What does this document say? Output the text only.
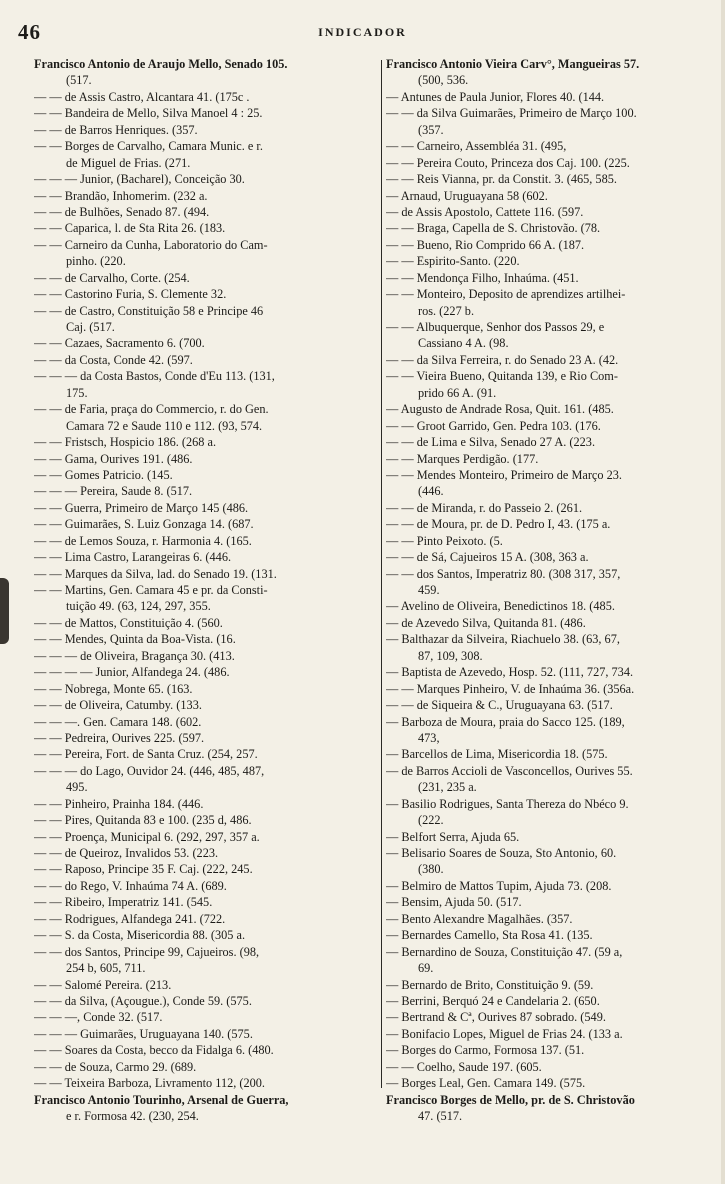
46	INDICADOR
Francisco Antonio de Araujo Mello, Senado 105.
(517.
— — de Assis Castro, Alcantara 41. (175c .
— — Bandeira de Mello, Silva Manoel 4 : 25.
— — de Barros Henriques. (357.
— — Borges de Carvalho, Camara Munic. e r.
de Miguel de Frias. (271.
— — — Junior, (Bacharel), Conceição 30.
— — Brandão, Inhomerim. (232 a.
— — de Bulhões, Senado 87. (494.
— — Caparica, l. de Sta Rita 26. (183.
— — Carneiro da Cunha, Laboratorio do Cam-
pinho. (220.
— — de Carvalho, Corte. (254.
— — Castorino Furia, S. Clemente 32.
— — de Castro, Constituição 58 e Principe 46
Caj. (517.
— — Cazaes, Sacramento 6. (700.
— — da Costa, Conde 42. (597.
— — — da Costa Bastos, Conde d'Eu 113. (131,
175.
— — de Faria, praça do Commercio, r. do Gen.
Camara 72 e Saude 110 e 112. (93, 574.
— — Fristsch, Hospicio 186. (268 a.
— — Gama, Ourives 191. (486.
— — Gomes Patricio. (145.
— — — Pereira, Saude 8. (517.
— — Guerra, Primeiro de Março 145 (486.
— — Guimarães, S. Luiz Gonzaga 14. (687.
— — de Lemos Souza, r. Harmonia 4. (165.
— — Lima Castro, Larangeiras 6. (446.
— — Marques da Silva, lad. do Senado 19. (131.
— — Martins, Gen. Camara 45 e pr. da Consti-
tuição 49. (63, 124, 297, 355.
— — de Mattos, Constituição 4. (560.
— — Mendes, Quinta da Boa-Vista. (16.
— — — de Oliveira, Bragança 30. (413.
— — — — Junior, Alfandega 24. (486.
— — Nobrega, Monte 65. (163.
— — de Oliveira, Catumby. (133.
— — —. Gen. Camara 148. (602.
— — Pedreira, Ourives 225. (597.
— — Pereira, Fort. de Santa Cruz. (254, 257.
— — — do Lago, Ouvidor 24. (446, 485, 487,
495.
— — Pinheiro, Prainha 184. (446.
— — Pires, Quitanda 83 e 100. (235 d, 486.
— — Proença, Municipal 6. (292, 297, 357 a.
— — de Queiroz, Invalidos 53. (223.
— — Raposo, Principe 35 F. Caj. (222, 245.
— — do Rego, V. Inhaúma 74 A. (689.
— — Ribeiro, Imperatriz 141. (545.
— — Rodrigues, Alfandega 241. (722.
— — S. da Costa, Misericordia 88. (305 a.
— — dos Santos, Principe 99, Cajueiros. (98,
254 b, 605, 711.
— — Salomé Pereira. (213.
— — da Silva, (Açougue.), Conde 59. (575.
— — —, Conde 32. (517.
— — — Guimarães, Uruguayana 140. (575.
— — Soares da Costa, becco da Fidalga 6. (480.
— — de Souza, Carmo 29. (689.
— — Teixeira Barboza, Livramento 112, (200.
Francisco Antonio Tourinho, Arsenal de Guerra,
e r. Formosa 42. (230, 254.
Francisco Antonio Vieira Carv°, Mangueiras 57.
(500, 536.
— Antunes de Paula Junior, Flores 40. (144.
— — da Silva Guimarães, Primeiro de Março 100.
(357.
— — Carneiro, Assembléa 31. (495,
— — Pereira Couto, Princeza dos Caj. 100. (225.
— — Reis Vianna, pr. da Constit. 3. (465, 585.
— Arnaud, Uruguayana 58 (602.
— de Assis Apostolo, Cattete 116. (597.
— — Braga, Capella de S. Christovão. (78.
— — Bueno, Rio Comprido 66 A. (187.
— — Espirito-Santo. (220.
— — Mendonça Filho, Inhaúma. (451.
— — Monteiro, Deposito de aprendizes artilhei-
ros. (227 b.
— — Albuquerque, Senhor dos Passos 29, e
Cassiano 4 A. (98.
— — da Silva Ferreira, r. do Senado 23 A. (42.
— — Vieira Bueno, Quitanda 139, e Rio Com-
prido 66 A. (91.
— Augusto de Andrade Rosa, Quit. 161. (485.
— — Groot Garrido, Gen. Pedra 103. (176.
— — de Lima e Silva, Senado 27 A. (223.
— — Marques Perdigão. (177.
— — Mendes Monteiro, Primeiro de Março 23.
(446.
— — de Miranda, r. do Passeio 2. (261.
— — de Moura, pr. de D. Pedro I, 43. (175 a.
— — Pinto Peixoto. (5.
— — de Sá, Cajueiros 15 A. (308, 363 a.
— — dos Santos, Imperatriz 80. (308 317, 357,
459.
— Avelino de Oliveira, Benedictinos 18. (485.
— de Azevedo Silva, Quitanda 81. (486.
— Balthazar da Silveira, Riachuelo 38. (63, 67,
87, 109, 308.
— Baptista de Azevedo, Hosp. 52. (111, 727, 734.
— — Marques Pinheiro, V. de Inhaúma 36. (356a.
— — de Siqueira & C., Uruguayana 63. (517.
— Barboza de Moura, praia do Sacco 125. (189,
473,
— Barcellos de Lima, Misericordia 18. (575.
— de Barros Accioli de Vasconcellos, Ourives 55.
(231, 235 a.
— Basilio Rodrigues, Santa Thereza do Nbéco 9.
(222.
— Belfort Serra, Ajuda 65.
— Belisario Soares de Souza, Sto Antonio, 60.
(380.
— Belmiro de Mattos Tupim, Ajuda 73. (208.
— Bensim, Ajuda 50. (517.
— Bento Alexandre Magalhães. (357.
— Bernardes Camello, Sta Rosa 41. (135.
— Bernardino de Souza, Constituição 47. (59 a,
69.
— Bernardo de Brito, Constituição 9. (59.
— Berrini, Berquó 24 e Candelaria 2. (650.
— Bertrand & Cª, Ourives 87 sobrado. (549.
— Bonifacio Lopes, Miguel de Frias 24. (133 a.
— Borges do Carmo, Formosa 137. (51.
— — Coelho, Saude 197. (605.
— Borges Leal, Gen. Camara 149. (575.
Francisco Borges de Mello, pr. de S. Christovão
47. (517.
